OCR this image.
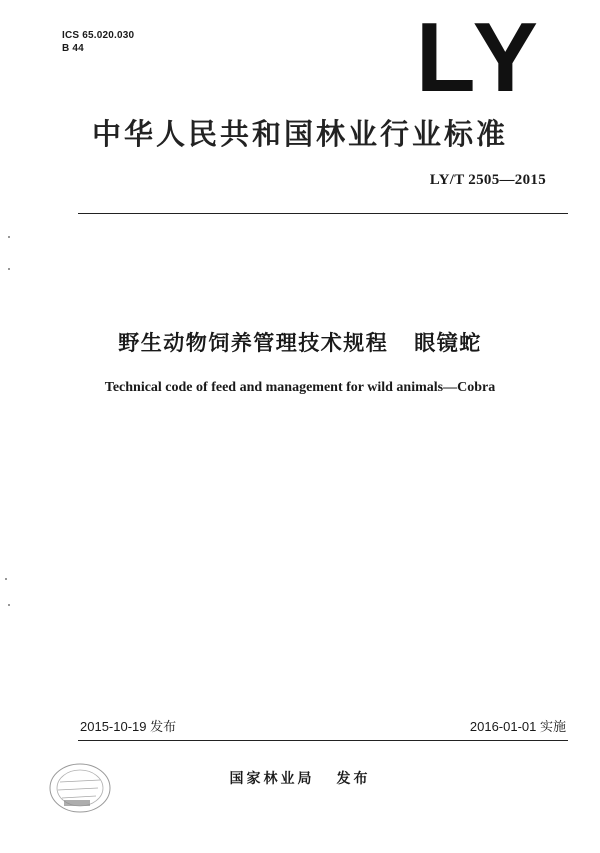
ICS 65.020.030
B 44	LY
中华人民共和国林业行业标准
LY/T 2505—2015
野生动物饲养管理技术规程 眼镜蛇
Technical code of feed and management for wild animals—Cobra
2015-10-19 发布	2016-01-01 实施
国家林业局 发布
